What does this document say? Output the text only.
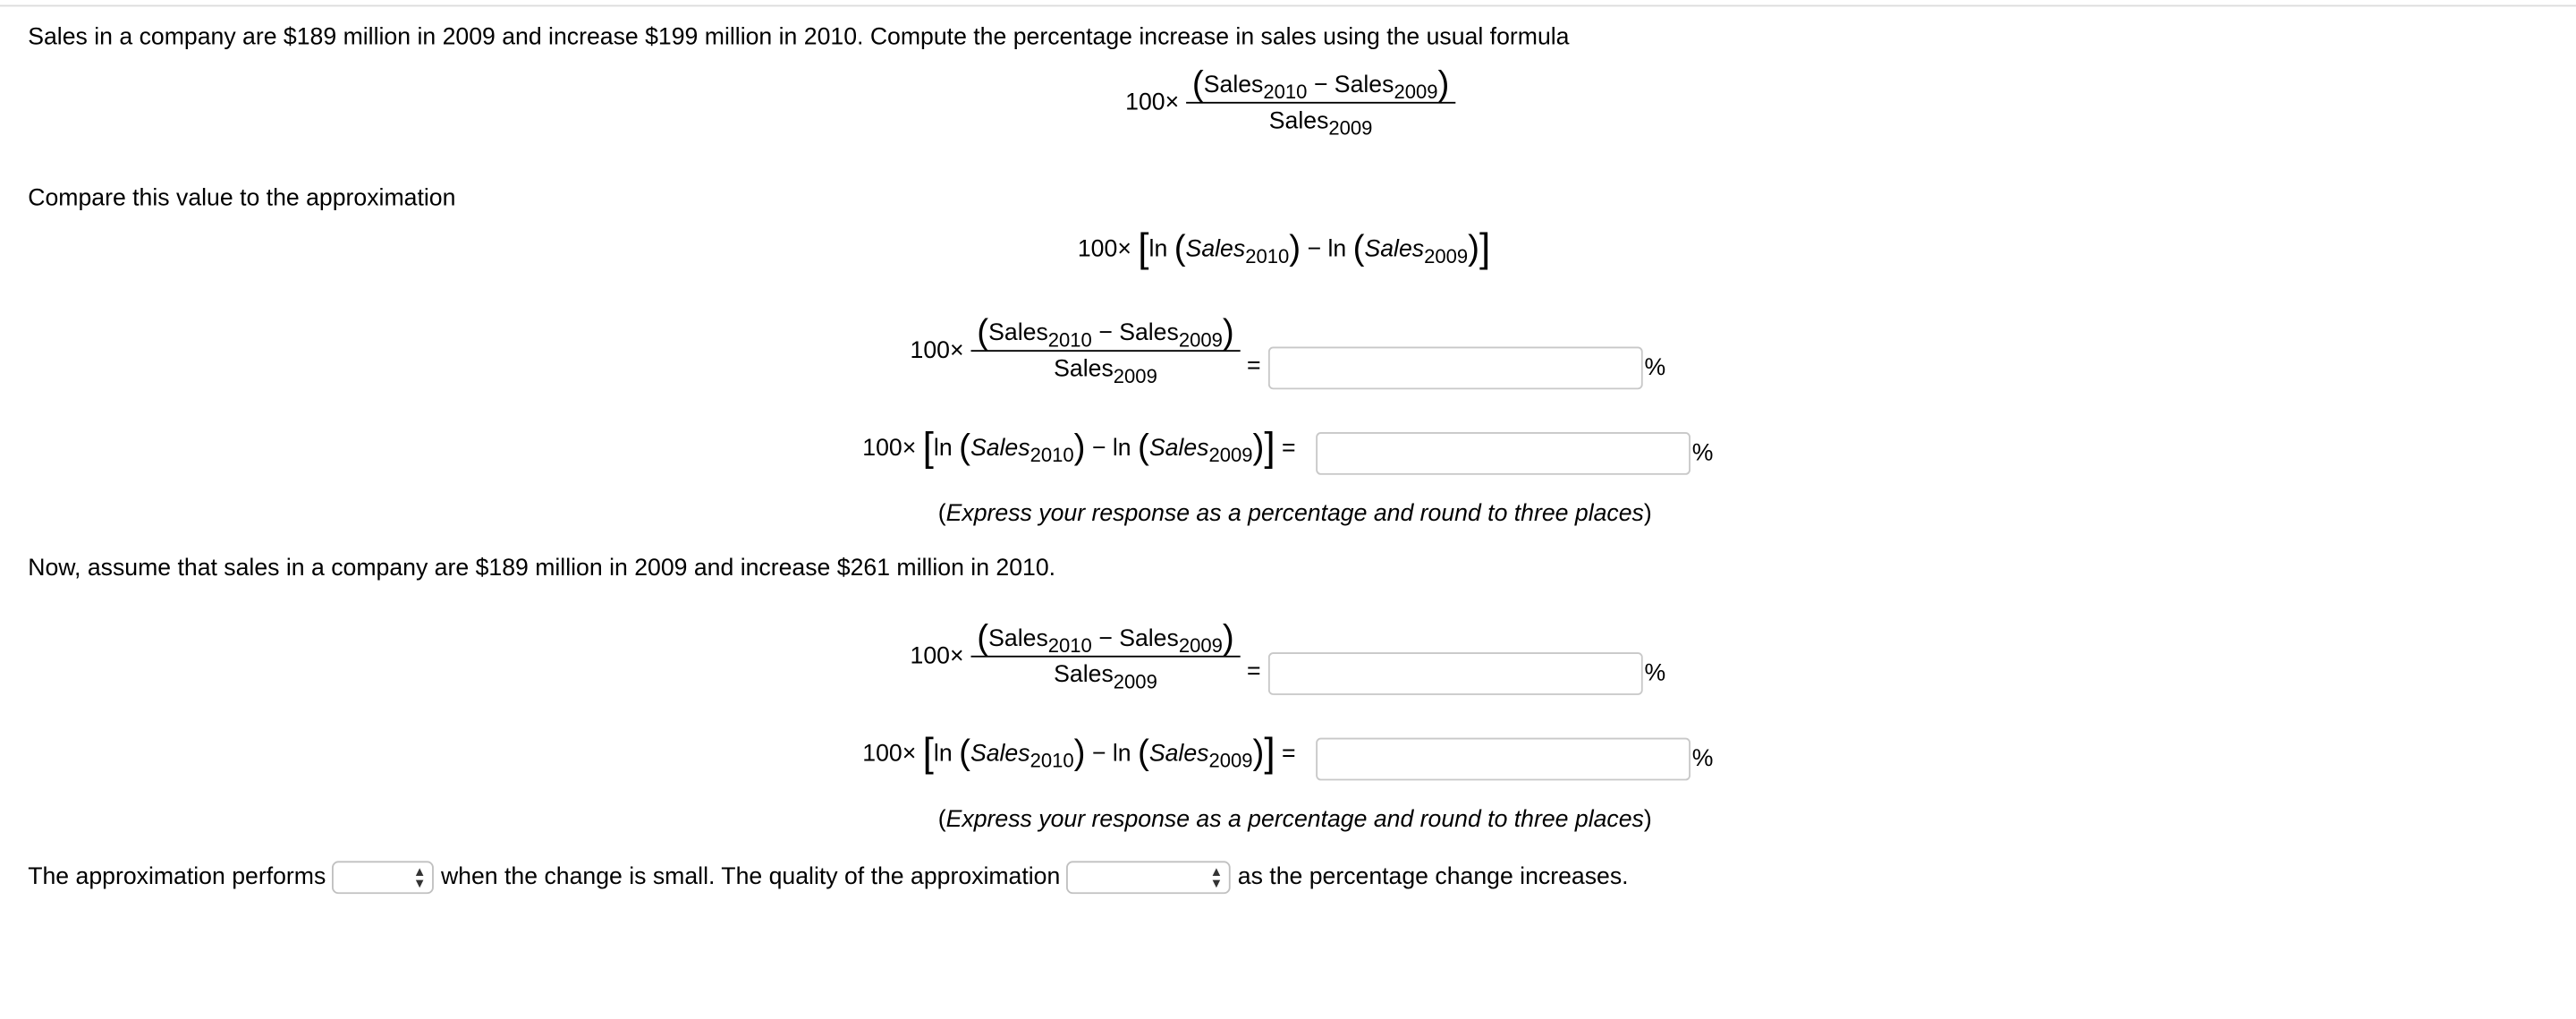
Sales in a company are $189 million in 2009 and increase $199 million in 2010. Compute the percentage increase in sales using the usual formula
$100\times \frac{(Sales_{2010} - Sales_{2009})}{Sales_{2009}}$
Compare this value to the approximation
100× [ln (Sales$_{2010}$) − ln (Sales$_{2009}$)]
$100\times \frac{(Sales_{2010} - Sales_{2009})}{Sales_{2009}}$ =	%
100× [ln (Sales$_{2010}$) − ln (Sales$_{2009}$)] =	%
(Express your response as a percentage and round to three places)
Now, assume that sales in a company are $189 million in 2009 and increase $261 million in 2010.
$100\times \frac{(Sales_{2010} - Sales_{2009})}{Sales_{2009}}$ =	%
100× [ln (Sales$_{2010}$) − ln (Sales$_{2009}$)] =	%
(Express your response as a percentage and round to three places)
The approximation performs	▲
▼ when the change is small. The quality of the approximation	▲
▼ as the percentage change increases.
